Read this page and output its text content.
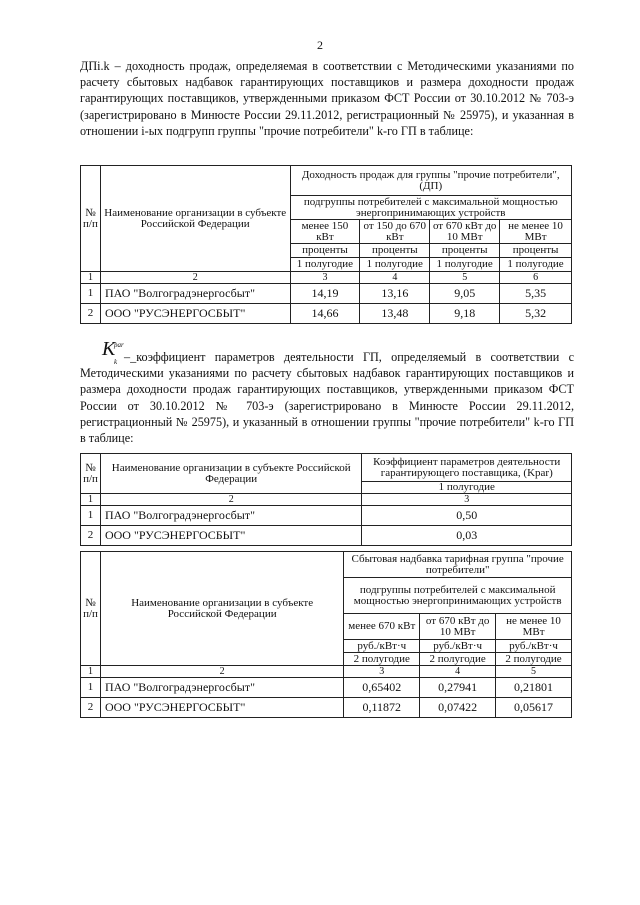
2

ДПi.k – доходность продаж, определяемая в соответствии с Методическими указаниями по расчету сбытовых надбавок гарантирующих поставщиков и размера доходности продаж гарантирующих поставщиков, утвержденными приказом ФСТ России от 30.10.2012 № 703-э (зарегистрировано в Минюсте России 29.11.2012, регистрационный № 25975), и указанная в отношении i-ых подгрупп группы "прочие потребители" k-го ГП в таблице:

№ п/п	Наименование организации в субъекте Российской Федерации	Доходность продаж для группы "прочие потребители", (ДП)			
		подгруппы потребителей с максимальной мощностью энергопринимающих устройств			
		менее 150 кВт	от 150 до 670 кВт	от 670 кВт до 10 МВт	не менее 10 МВт
		проценты	проценты	проценты	проценты
		1 полугодие	1 полугодие	1 полугодие	1 полугодие
1	2	3	4	5	6
1	ПАО "Волгоградэнергосбыт"	14,19	13,16	9,05	5,35
2	ООО "РУСЭНЕРГОСБЫТ"	14,66	13,48	9,18	5,32

K
par
k –_коэффициент параметров деятельности ГП, определяемый в соответствии с Методическими указаниями по расчету сбытовых надбавок гарантирующих поставщиков и размера доходности продаж гарантирующих поставщиков, утвержденными приказом ФСТ России от 30.10.2012 № 703-э (зарегистрировано в Минюсте России 29.11.2012, регистрационный № 25975), и указанный в отношении группы "прочие потребители" k-го ГП в таблице:

№ п/п	Наименование организации в субъекте Российской Федерации	Коэффициент параметров деятельности гарантирующего поставщика, (Kpar)
		1 полугодие
1	2	3
1	ПАО "Волгоградэнергосбыт"	0,50
2	ООО "РУСЭНЕРГОСБЫТ"	0,03
№ п/п	Наименование организации в субъекте Российской Федерации	Сбытовая надбавка тарифная группа "прочие потребители"		
		подгруппы потребителей с максимальной мощностью энергопринимающих устройств		
		менее 670 кВт	от 670 кВт до 10 МВт	не менее 10 МВт
		руб./кВт·ч	руб./кВт·ч	руб./кВт·ч
		2 полугодие	2 полугодие	2 полугодие
1	2	3	4	5
1	ПАО "Волгоградэнергосбыт"	0,65402	0,27941	0,21801
2	ООО "РУСЭНЕРГОСБЫТ"	0,11872	0,07422	0,05617
